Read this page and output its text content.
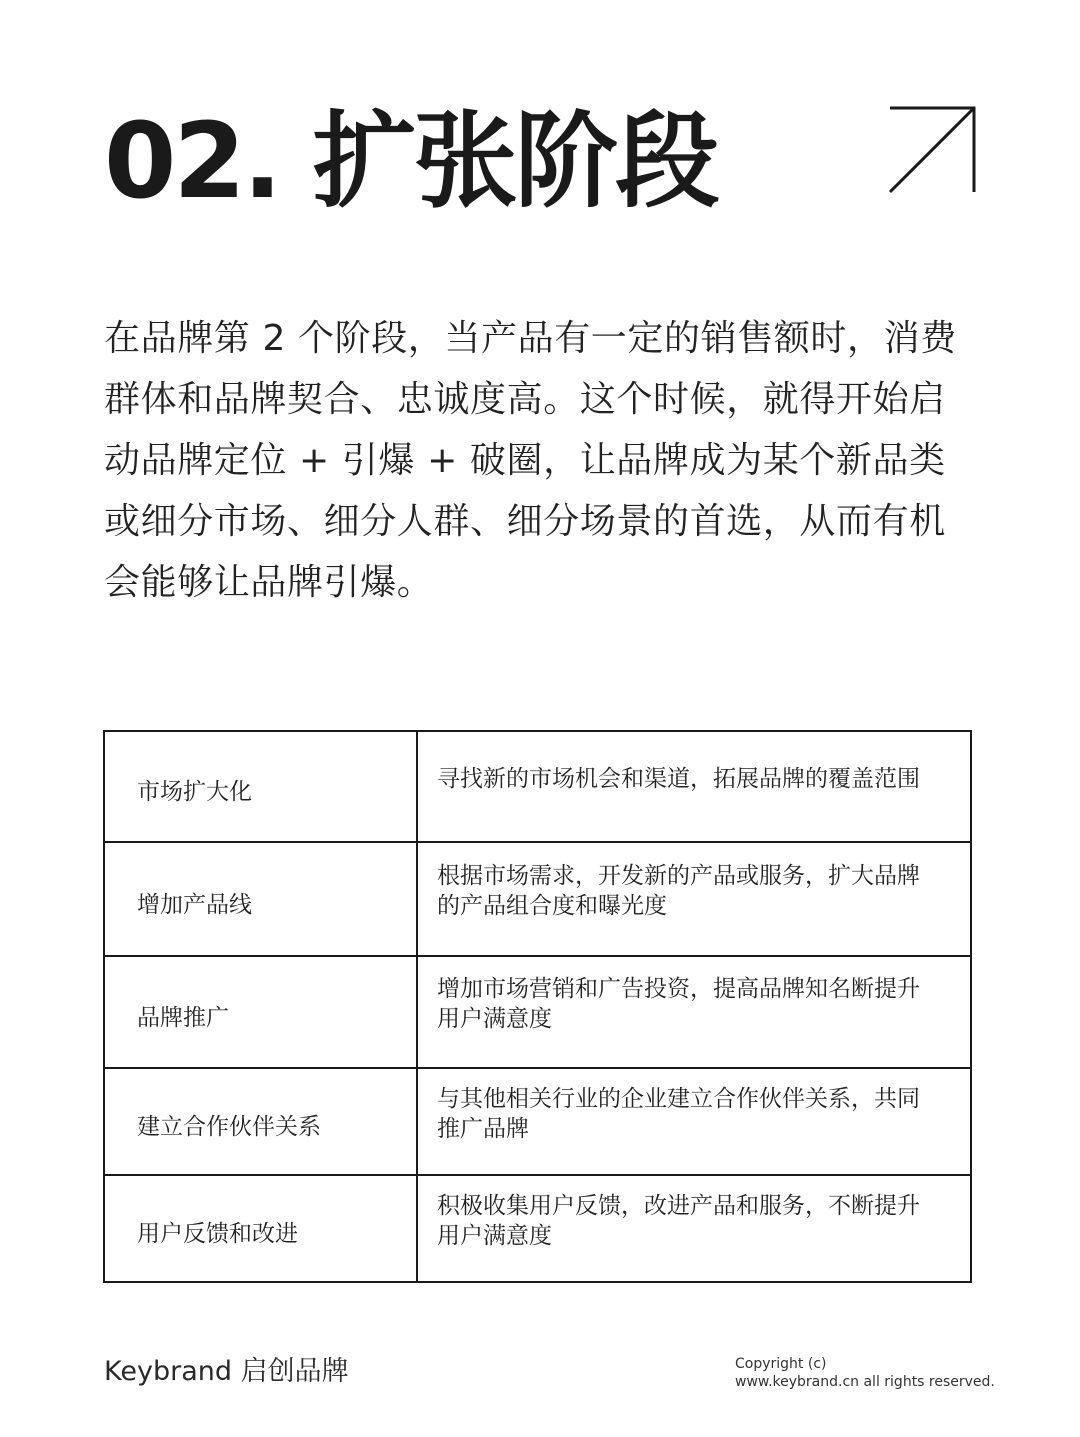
02. 扩张阶段

在品牌第 2 个阶段，当产品有一定的销售额时，消费群体和品牌契合、忠诚度高。这个时候，就得开始启动品牌定位 + 引爆 + 破圈，让品牌成为某个新品类或细分市场、细分人群、细分场景的首选，从而有机会能够让品牌引爆。

市场扩大化	寻找新的市场机会和渠道，拓展品牌的覆盖范围
增加产品线	根据市场需求，开发新的产品或服务，扩大品牌的产品组合度和曝光度
品牌推广	增加市场营销和广告投资，提高品牌知名断提升用户满意度
建立合作伙伴关系	与其他相关行业的企业建立合作伙伴关系，共同推广品牌
用户反馈和改进	积极收集用户反馈，改进产品和服务，不断提升用户满意度
Keybrand 启创品牌	Copyright (c)
www.keybrand.cn all rights reserved.
